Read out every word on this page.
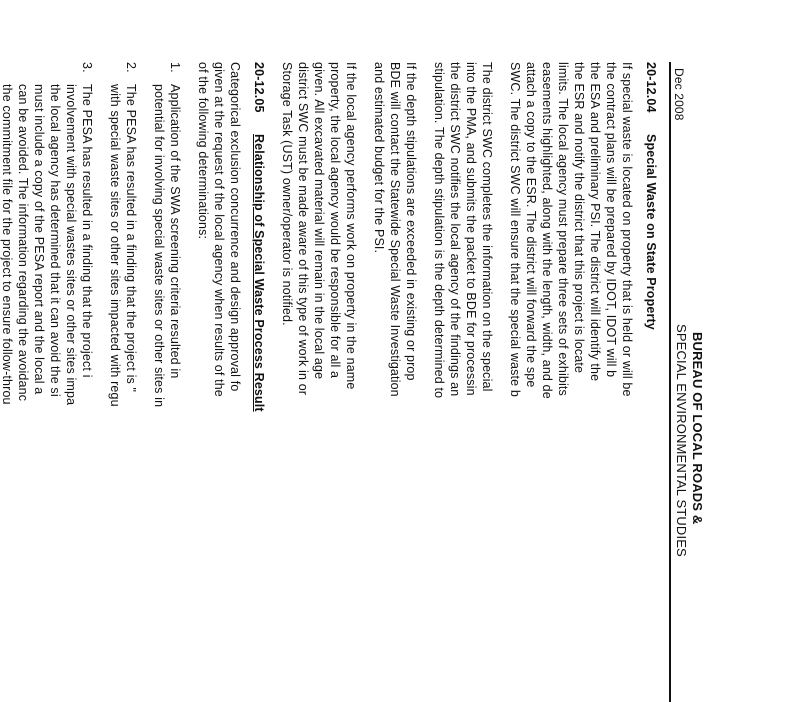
BUREAU OF LOCAL ROADS &
SPECIAL ENVIRONMENTAL STUDIES
Dec 2008
20-12.04Special Waste on State Property

If special waste is located on property that is held or will be
the contract plans will be prepared by IDOT, IDOT will b
the ESA and preliminary PSI. The district will identify the
the ESR and notify the district that this project is locate
limits. The local agency must prepare three sets of exhibits
easements highlighted, along with the length, width, and de
attach a copy to the ESR. The district will forward the spe
SWC. The district SWC will ensure that the special waste b

The district SWC completes the information on the special
into the PMA, and submits the packet to BDE for processin
the district SWC notifies the local agency of the findings an
stipulation. The depth stipulation is the depth determined to

If the depth stipulations are exceeded in existing or prop
BDE will contact the Statewide Special Waste Investigation
and estimated budget for the PSI.

If the local agency performs work on property in the name
property, the local agency would be responsible for all a
given. All excavated material will remain in the local age
district SWC must be made aware of this type of work in or
Storage Task (UST) owner/operator is notified.

20-12.05Relationship of Special Waste Process Result

Categorical exclusion concurrence and design approval fo
given at the request of the local agency when results of the
of the following determinations:

1.
Application of the SWA screening criteria resulted in
potential for involving special waste sites or other sites in
2.
The PESA has resulted in a finding that the project is "
with special waste sites or other sites impacted with regu
3.
The PESA has resulted in a finding that the project i
involvement with special wastes sites or other sites impa
the local agency has determined that it can avoid the si
must include a copy of the PESA report and the local a
can be avoided. The information regarding the avoidanc
the commitment file for the project to ensure follow-throu
